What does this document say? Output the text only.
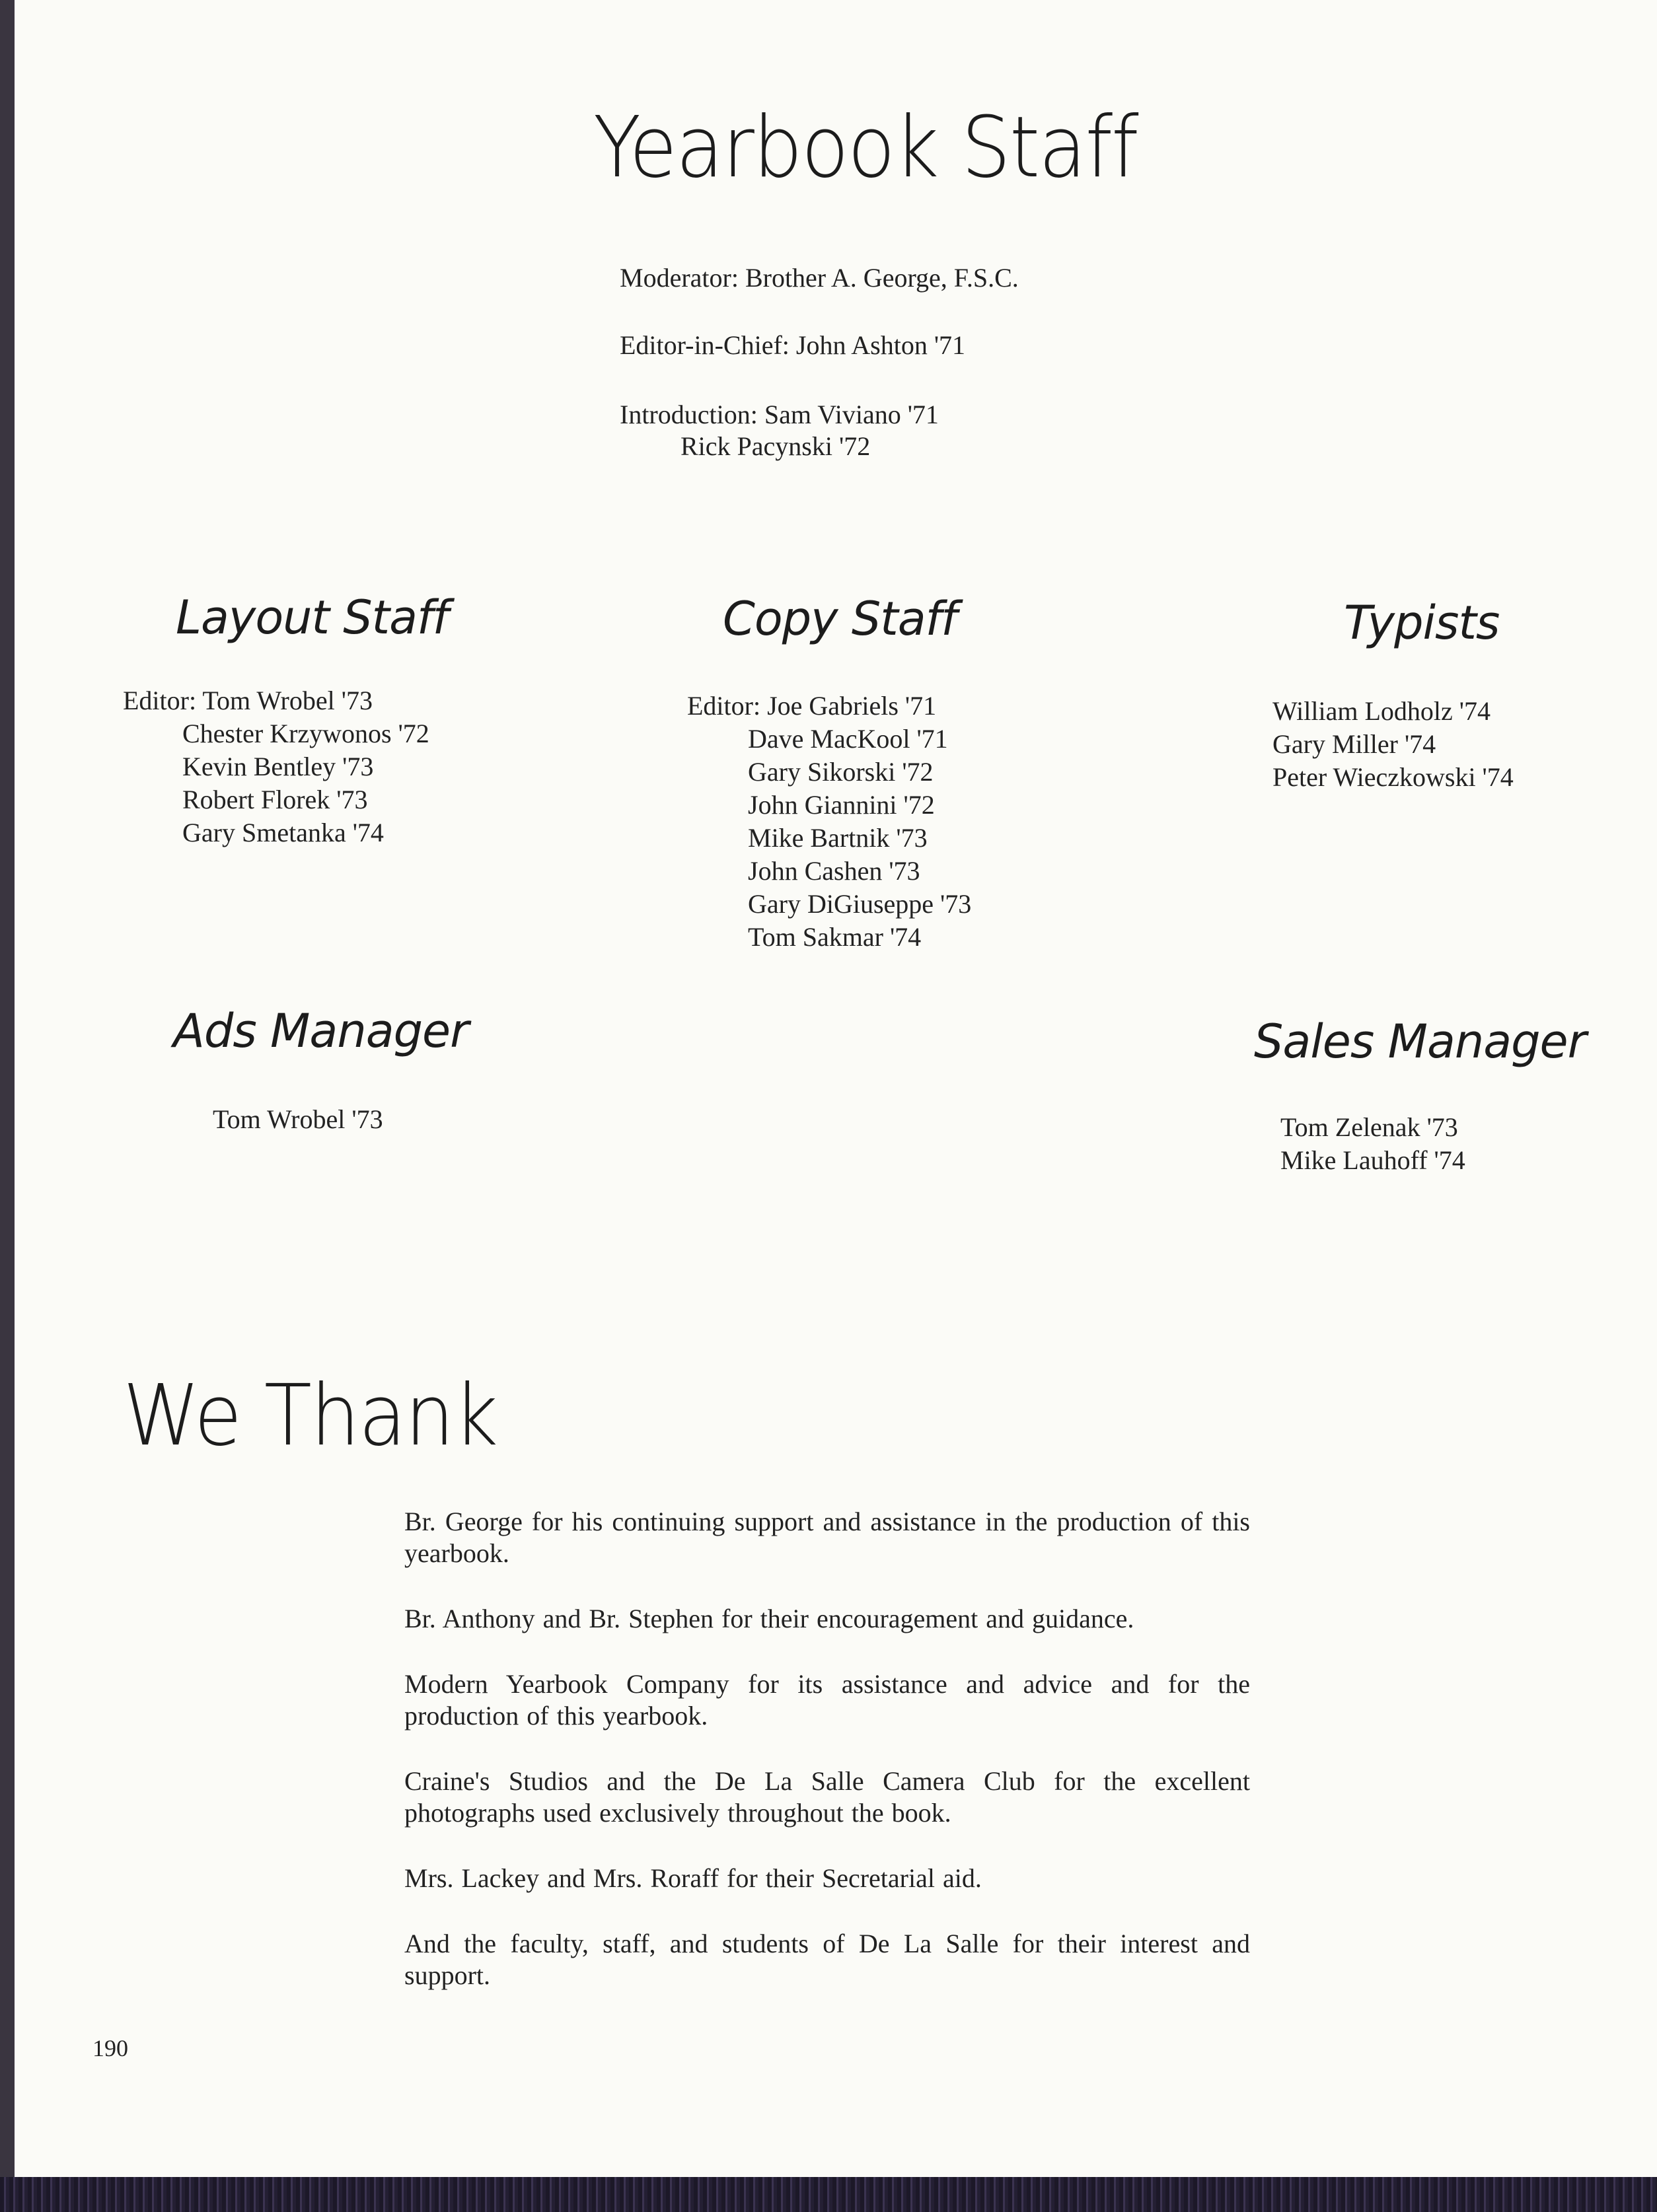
Yearbook Staff
Moderator: Brother A. George, F.S.C.
Editor-in-Chief: John Ashton '71
Introduction: Sam Viviano '71
Rick Pacynski '72
Layout Staff
Editor: Tom Wrobel '73
Chester Krzywonos '72
Kevin Bentley '73
Robert Florek '73
Gary Smetanka '74
Copy Staff
Editor: Joe Gabriels '71
Dave MacKool '71
Gary Sikorski '72
John Giannini '72
Mike Bartnik '73
John Cashen '73
Gary DiGiuseppe '73
Tom Sakmar '74
Typists
William Lodholz '74
Gary Miller '74
Peter Wieczkowski '74
Ads Manager
Tom Wrobel '73
Sales Manager
Tom Zelenak '73
Mike Lauhoff '74
We Thank

Br. George for his continuing support and assistance in the production of this yearbook.

Br. Anthony and Br. Stephen for their encouragement and guidance.

Modern Yearbook Company for its assistance and advice and for the production of this yearbook.

Craine's Studios and the De La Salle Camera Club for the excellent photographs used exclusively throughout the book.

Mrs. Lackey and Mrs. Roraff for their Secretarial aid.

And the faculty, staff, and students of De La Salle for their interest and support.

190
